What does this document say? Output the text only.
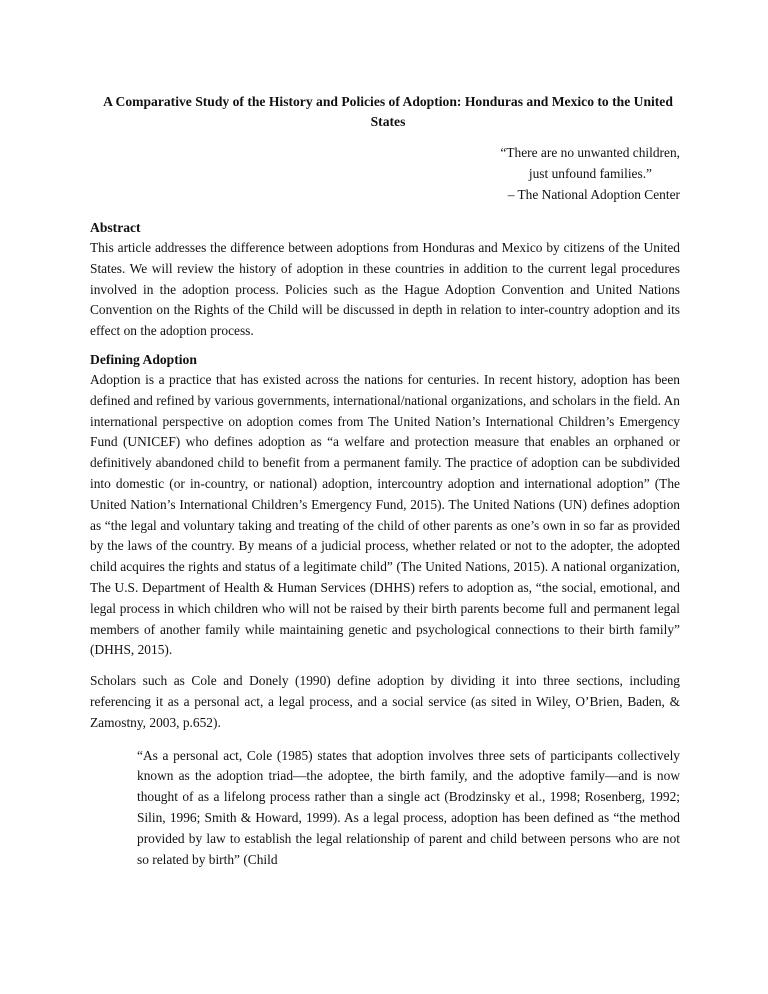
A Comparative Study of the History and Policies of Adoption: Honduras and Mexico to the United States
“There are no unwanted children,
just unfound families.”
– The National Adoption Center
Abstract

This article addresses the difference between adoptions from Honduras and Mexico by citizens of the United States. We will review the history of adoption in these countries in addition to the current legal procedures involved in the adoption process. Policies such as the Hague Adoption Convention and United Nations Convention on the Rights of the Child will be discussed in depth in relation to inter-country adoption and its effect on the adoption process.

Defining Adoption

Adoption is a practice that has existed across the nations for centuries. In recent history, adoption has been defined and refined by various governments, international/national organizations, and scholars in the field. An international perspective on adoption comes from The United Nation’s International Children’s Emergency Fund (UNICEF) who defines adoption as “a welfare and protection measure that enables an orphaned or definitively abandoned child to benefit from a permanent family. The practice of adoption can be subdivided into domestic (or in-country, or national) adoption, intercountry adoption and international adoption” (The United Nation’s International Children’s Emergency Fund, 2015). The United Nations (UN) defines adoption as “the legal and voluntary taking and treating of the child of other parents as one’s own in so far as provided by the laws of the country. By means of a judicial process, whether related or not to the adopter, the adopted child acquires the rights and status of a legitimate child” (The United Nations, 2015). A national organization, The U.S. Department of Health & Human Services (DHHS) refers to adoption as, “the social, emotional, and legal process in which children who will not be raised by their birth parents become full and permanent legal members of another family while maintaining genetic and psychological connections to their birth family” (DHHS, 2015).

Scholars such as Cole and Donely (1990) define adoption by dividing it into three sections, including referencing it as a personal act, a legal process, and a social service (as sited in Wiley, O’Brien, Baden, & Zamostny, 2003, p.652).

“As a personal act, Cole (1985) states that adoption involves three sets of participants collectively known as the adoption triad—the adoptee, the birth family, and the adoptive family—and is now thought of as a lifelong process rather than a single act (Brodzinsky et al., 1998; Rosenberg, 1992; Silin, 1996; Smith & Howard, 1999). As a legal process, adoption has been defined as “the method provided by law to establish the legal relationship of parent and child between persons who are not so related by birth” (Child
